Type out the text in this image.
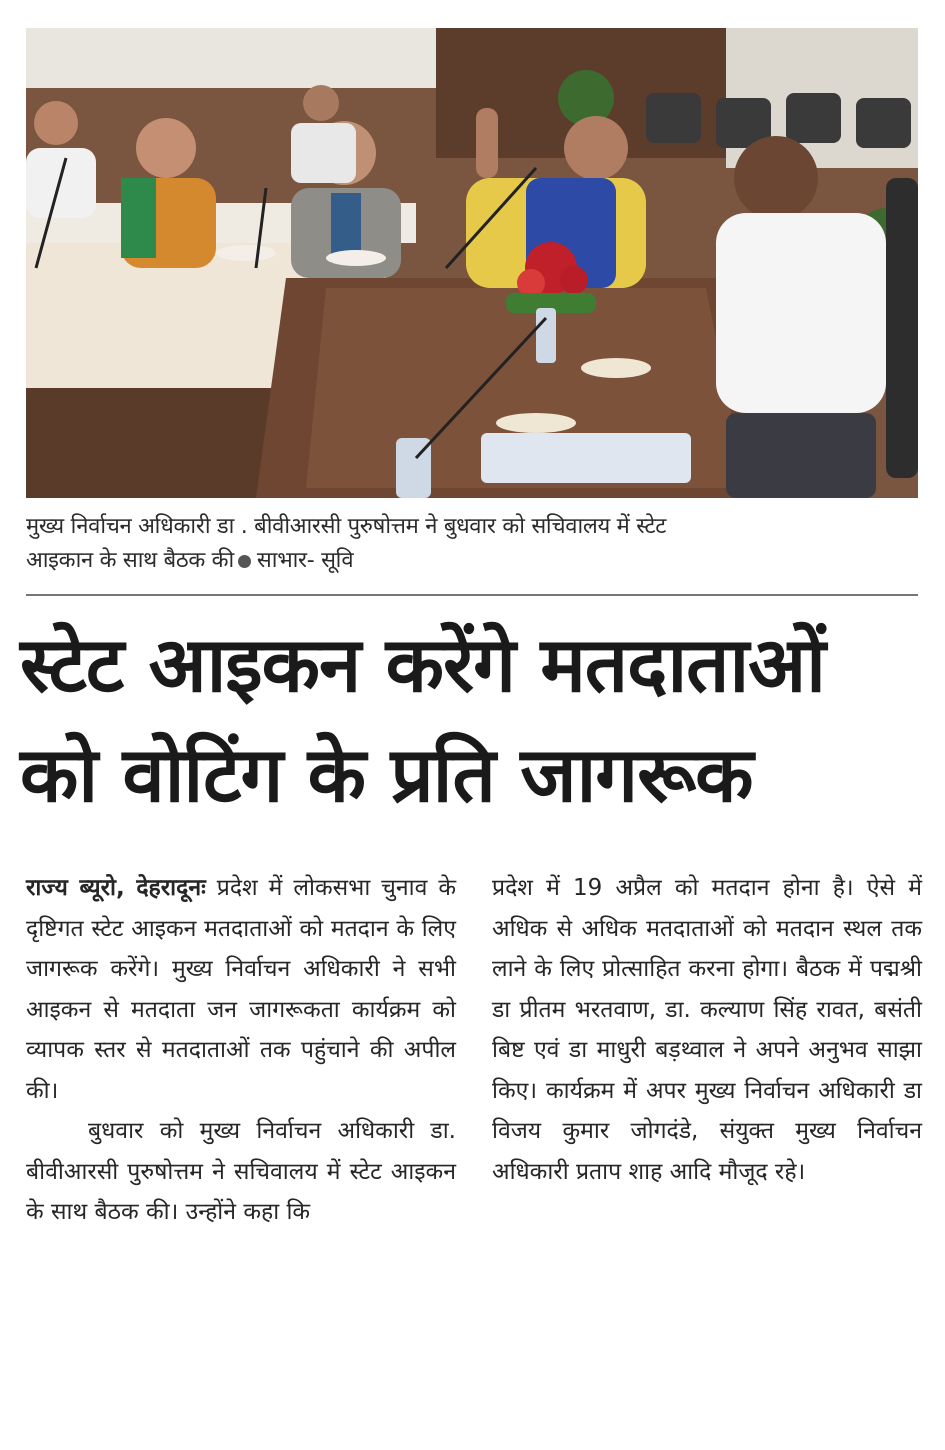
मुख्य निर्वाचन अधिकारी डा . बीवीआरसी पुरुषोत्तम ने बुधवार को सचिवालय में स्टेट
आइकान के साथ बैठक की साभार- सूवि
स्टेट आइकन करेंगे मतदाताओं
को वोटिंग के प्रति जागरूक

राज्य ब्यूरो, देहरादूनः प्रदेश में लोकसभा चुनाव के दृष्टिगत स्टेट आइकन मतदाताओं को मतदान के लिए जागरूक करेंगे। मुख्य निर्वाचन अधिकारी ने सभी आइकन से मतदाता जन जागरूकता कार्यक्रम को व्यापक स्तर से मतदाताओं तक पहुंचाने की अपील की।

बुधवार को मुख्य निर्वाचन अधिकारी डा. बीवीआरसी पुरुषोत्तम ने सचिवालय में स्टेट आइकन के साथ बैठक की। उन्होंने कहा कि

प्रदेश में 19 अप्रैल को मतदान होना है। ऐसे में अधिक से अधिक मतदाताओं को मतदान स्थल तक लाने के लिए प्रोत्साहित करना होगा। बैठक में पद्मश्री डा प्रीतम भरतवाण, डा. कल्याण सिंह रावत, बसंती बिष्ट एवं डा माधुरी बड़थ्वाल ने अपने अनुभव साझा किए। कार्यक्रम में अपर मुख्य निर्वाचन अधिकारी डा विजय कुमार जोगदंडे, संयुक्त मुख्य निर्वाचन अधिकारी प्रताप शाह आदि मौजूद रहे।
